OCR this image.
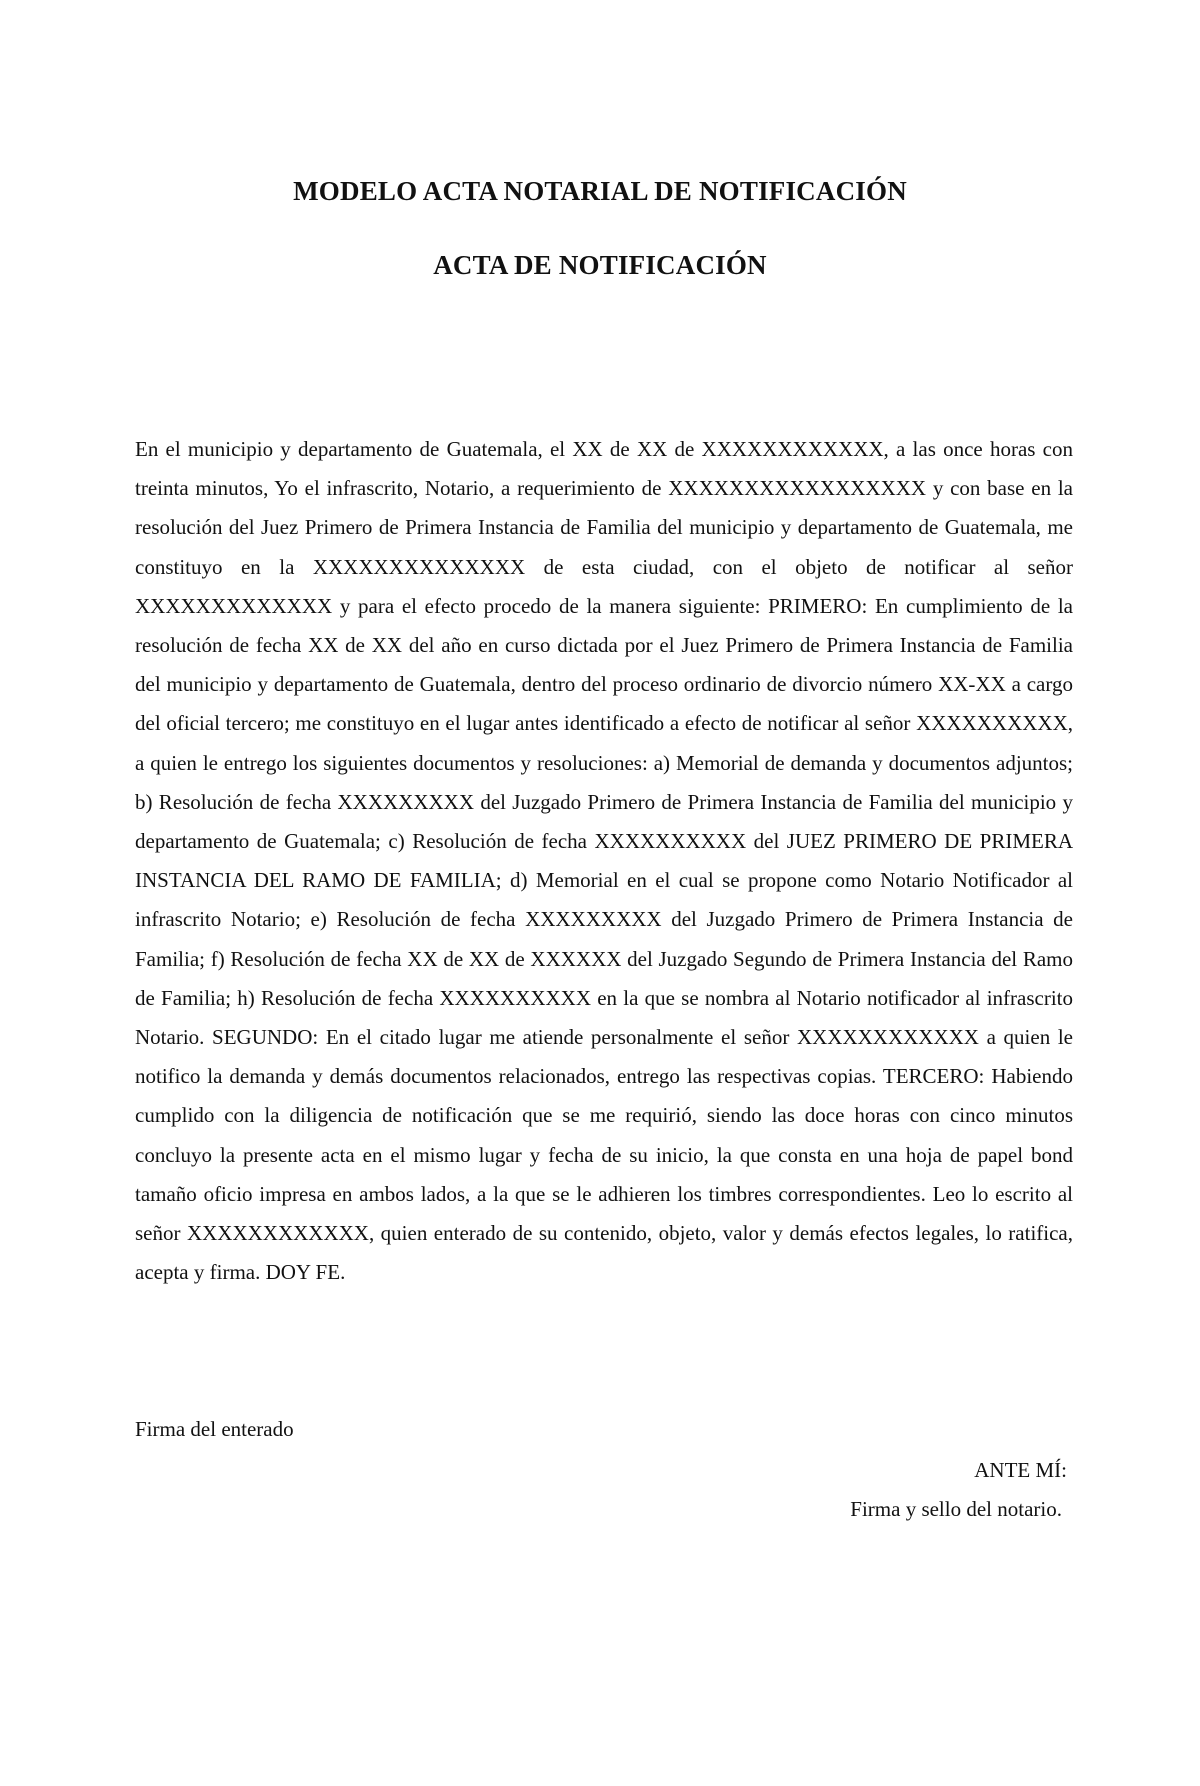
MODELO ACTA NOTARIAL DE NOTIFICACIÓN
ACTA DE NOTIFICACIÓN

En el municipio y departamento de Guatemala, el XX de XX de XXXXXXXXXXXX, a las once horas con treinta minutos, Yo el infrascrito, Notario, a requerimiento de XXXXXXXXXXXXXXXXX y con base en la resolución del Juez Primero de Primera Instancia de Familia del municipio y departamento de Guatemala, me constituyo en la XXXXXXXXXXXXXX de esta ciudad, con el objeto de notificar al señor XXXXXXXXXXXXX y para el efecto procedo de la manera siguiente: PRIMERO: En cumplimiento de la resolución de fecha XX de XX del año en curso dictada por el Juez Primero de Primera Instancia de Familia del municipio y departamento de Guatemala, dentro del proceso ordinario de divorcio número XX-XX a cargo del oficial tercero; me constituyo en el lugar antes identificado a efecto de notificar al señor XXXXXXXXXX, a quien le entrego los siguientes documentos y resoluciones: a) Memorial de demanda y documentos adjuntos; b) Resolución de fecha XXXXXXXXX del Juzgado Primero de Primera Instancia de Familia del municipio y departamento de Guatemala; c) Resolución de fecha XXXXXXXXXX del JUEZ PRIMERO DE PRIMERA INSTANCIA DEL RAMO DE FAMILIA; d) Memorial en el cual se propone como Notario Notificador al infrascrito Notario; e) Resolución de fecha XXXXXXXXX del Juzgado Primero de Primera Instancia de Familia; f) Resolución de fecha XX de XX de XXXXXX del Juzgado Segundo de Primera Instancia del Ramo de Familia; h) Resolución de fecha XXXXXXXXXX en la que se nombra al Notario notificador al infrascrito Notario. SEGUNDO: En el citado lugar me atiende personalmente el señor XXXXXXXXXXXX a quien le notifico la demanda y demás documentos relacionados, entrego las respectivas copias. TERCERO: Habiendo cumplido con la diligencia de notificación que se me requirió, siendo las doce horas con cinco minutos concluyo la presente acta en el mismo lugar y fecha de su inicio, la que consta en una hoja de papel bond tamaño oficio impresa en ambos lados, a la que se le adhieren los timbres correspondientes. Leo lo escrito al señor XXXXXXXXXXXX, quien enterado de su contenido, objeto, valor y demás efectos legales, lo ratifica, acepta y firma. DOY FE.

Firma del enterado
ANTE MÍ:
Firma y sello del notario.
